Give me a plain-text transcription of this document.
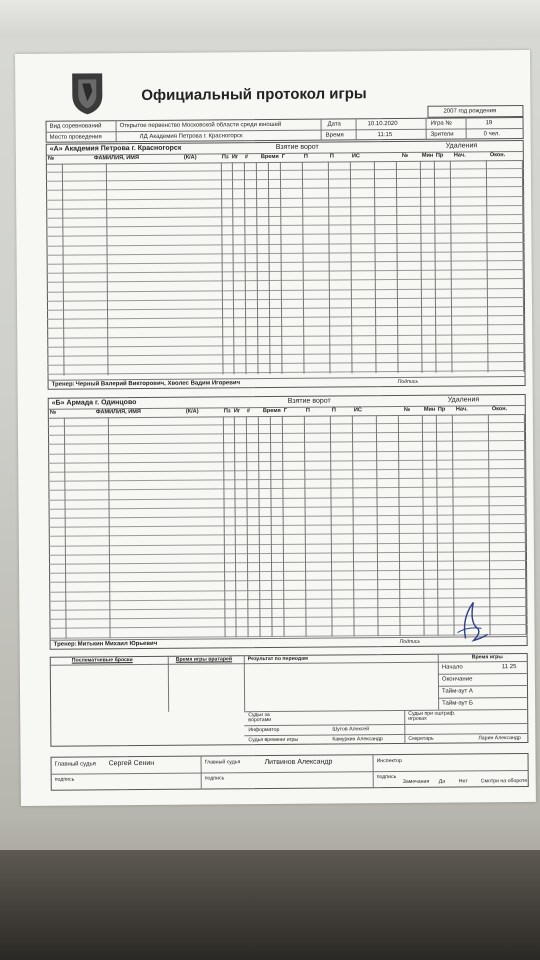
Официальный протокол игры
2007 год рождения
Вид соревнований	Открытое первенство Московской области среди юношей	Дата	10.10.2020	Игра №	19
Место проведения	ЛД Академия Петрова г. Красногорск	Время	11:15	Зрители	0 чел.
«А» Академия Петрова г. Красногорск	Взятие ворот	Удаления
№	ФАМИЛИЯ, ИМЯ	(К/А)	Пз Иг	#	Время Г	П	П	ИС	№	Мин Пр	Нач.	Окон.
Тренер: Черный Валерий Викторович, Хволес Вадим Игоревич	Подпись
«Б» Армада г. Одинцово	Взятие ворот	Удаления
№	ФАМИЛИЯ, ИМЯ	(К/А)	Пз Иг	#	Время Г	П	П	ИС	№	Мин Пр	Нач.	Окон.
Тренер: Митькин Михаил Юрьевич	Подпись
Послематчевые броски	Время игры вратарей	Результат по периодам	Время игры
Начало	11 25
Окончание
Тайм-аут А
Тайм-аут Б
Судьи за воротами
Информатор	Шутов Алексей
Судья времени игры	Камуркин Александр
Судьи при оштраф. игроках
Секретарь	Ларин Александр
Главный судья Сергей Сенин
подпись
Главный судья	Литвинов Александр
подпись
Инспектор
подпись
Замечания Да	Нет	Смотри на обороте
